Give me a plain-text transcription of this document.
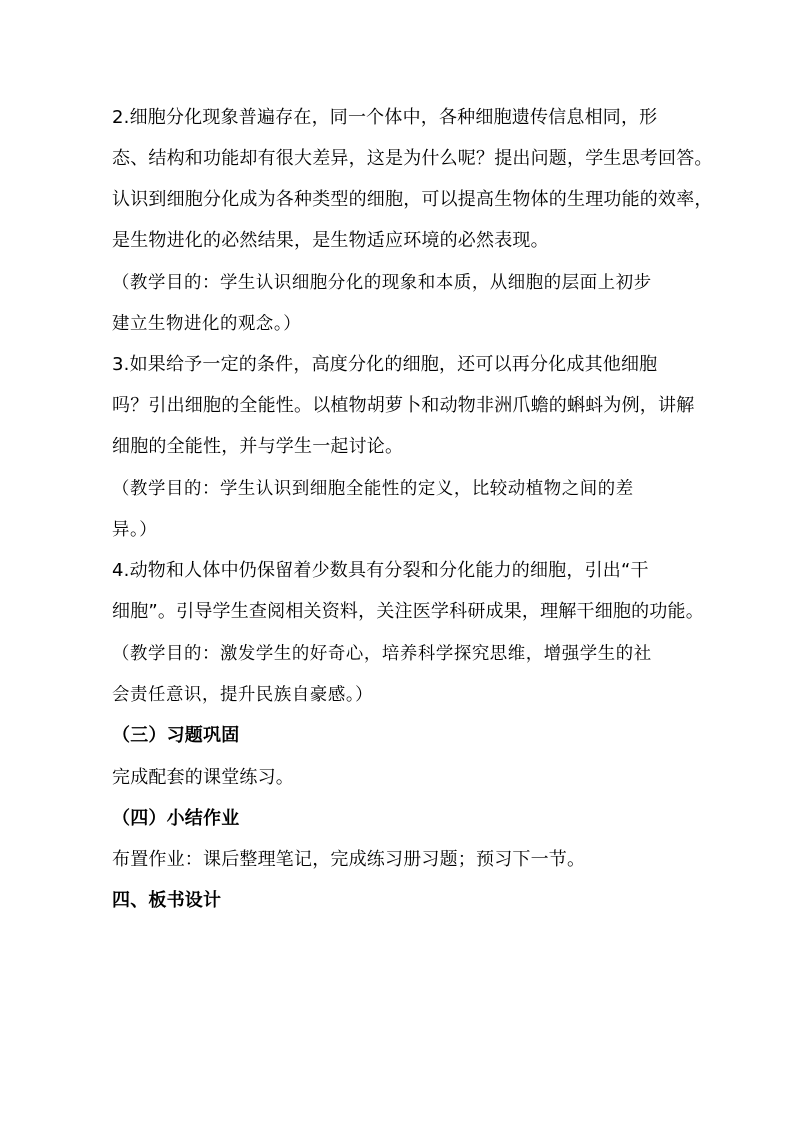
2.细胞分化现象普遍存在，同一个体中，各种细胞遗传信息相同，形
态、结构和功能却有很大差异，这是为什么呢？提出问题，学生思考回答。
认识到细胞分化成为各种类型的细胞，可以提高生物体的生理功能的效率，
是生物进化的必然结果，是生物适应环境的必然表现。
（教学目的：学生认识细胞分化的现象和本质，从细胞的层面上初步
建立生物进化的观念。）
3.如果给予一定的条件，高度分化的细胞，还可以再分化成其他细胞
吗？引出细胞的全能性。以植物胡萝卜和动物非洲爪蟾的蝌蚪为例，讲解
细胞的全能性，并与学生一起讨论。
（教学目的：学生认识到细胞全能性的定义，比较动植物之间的差
异。）
4.动物和人体中仍保留着少数具有分裂和分化能力的细胞，引出“干
细胞”。引导学生查阅相关资料，关注医学科研成果，理解干细胞的功能。
（教学目的：激发学生的好奇心，培养科学探究思维，增强学生的社
会责任意识，提升民族自豪感。）
（三）习题巩固
完成配套的课堂练习。
（四）小结作业
布置作业：课后整理笔记，完成练习册习题；预习下一节。
四、板书设计
